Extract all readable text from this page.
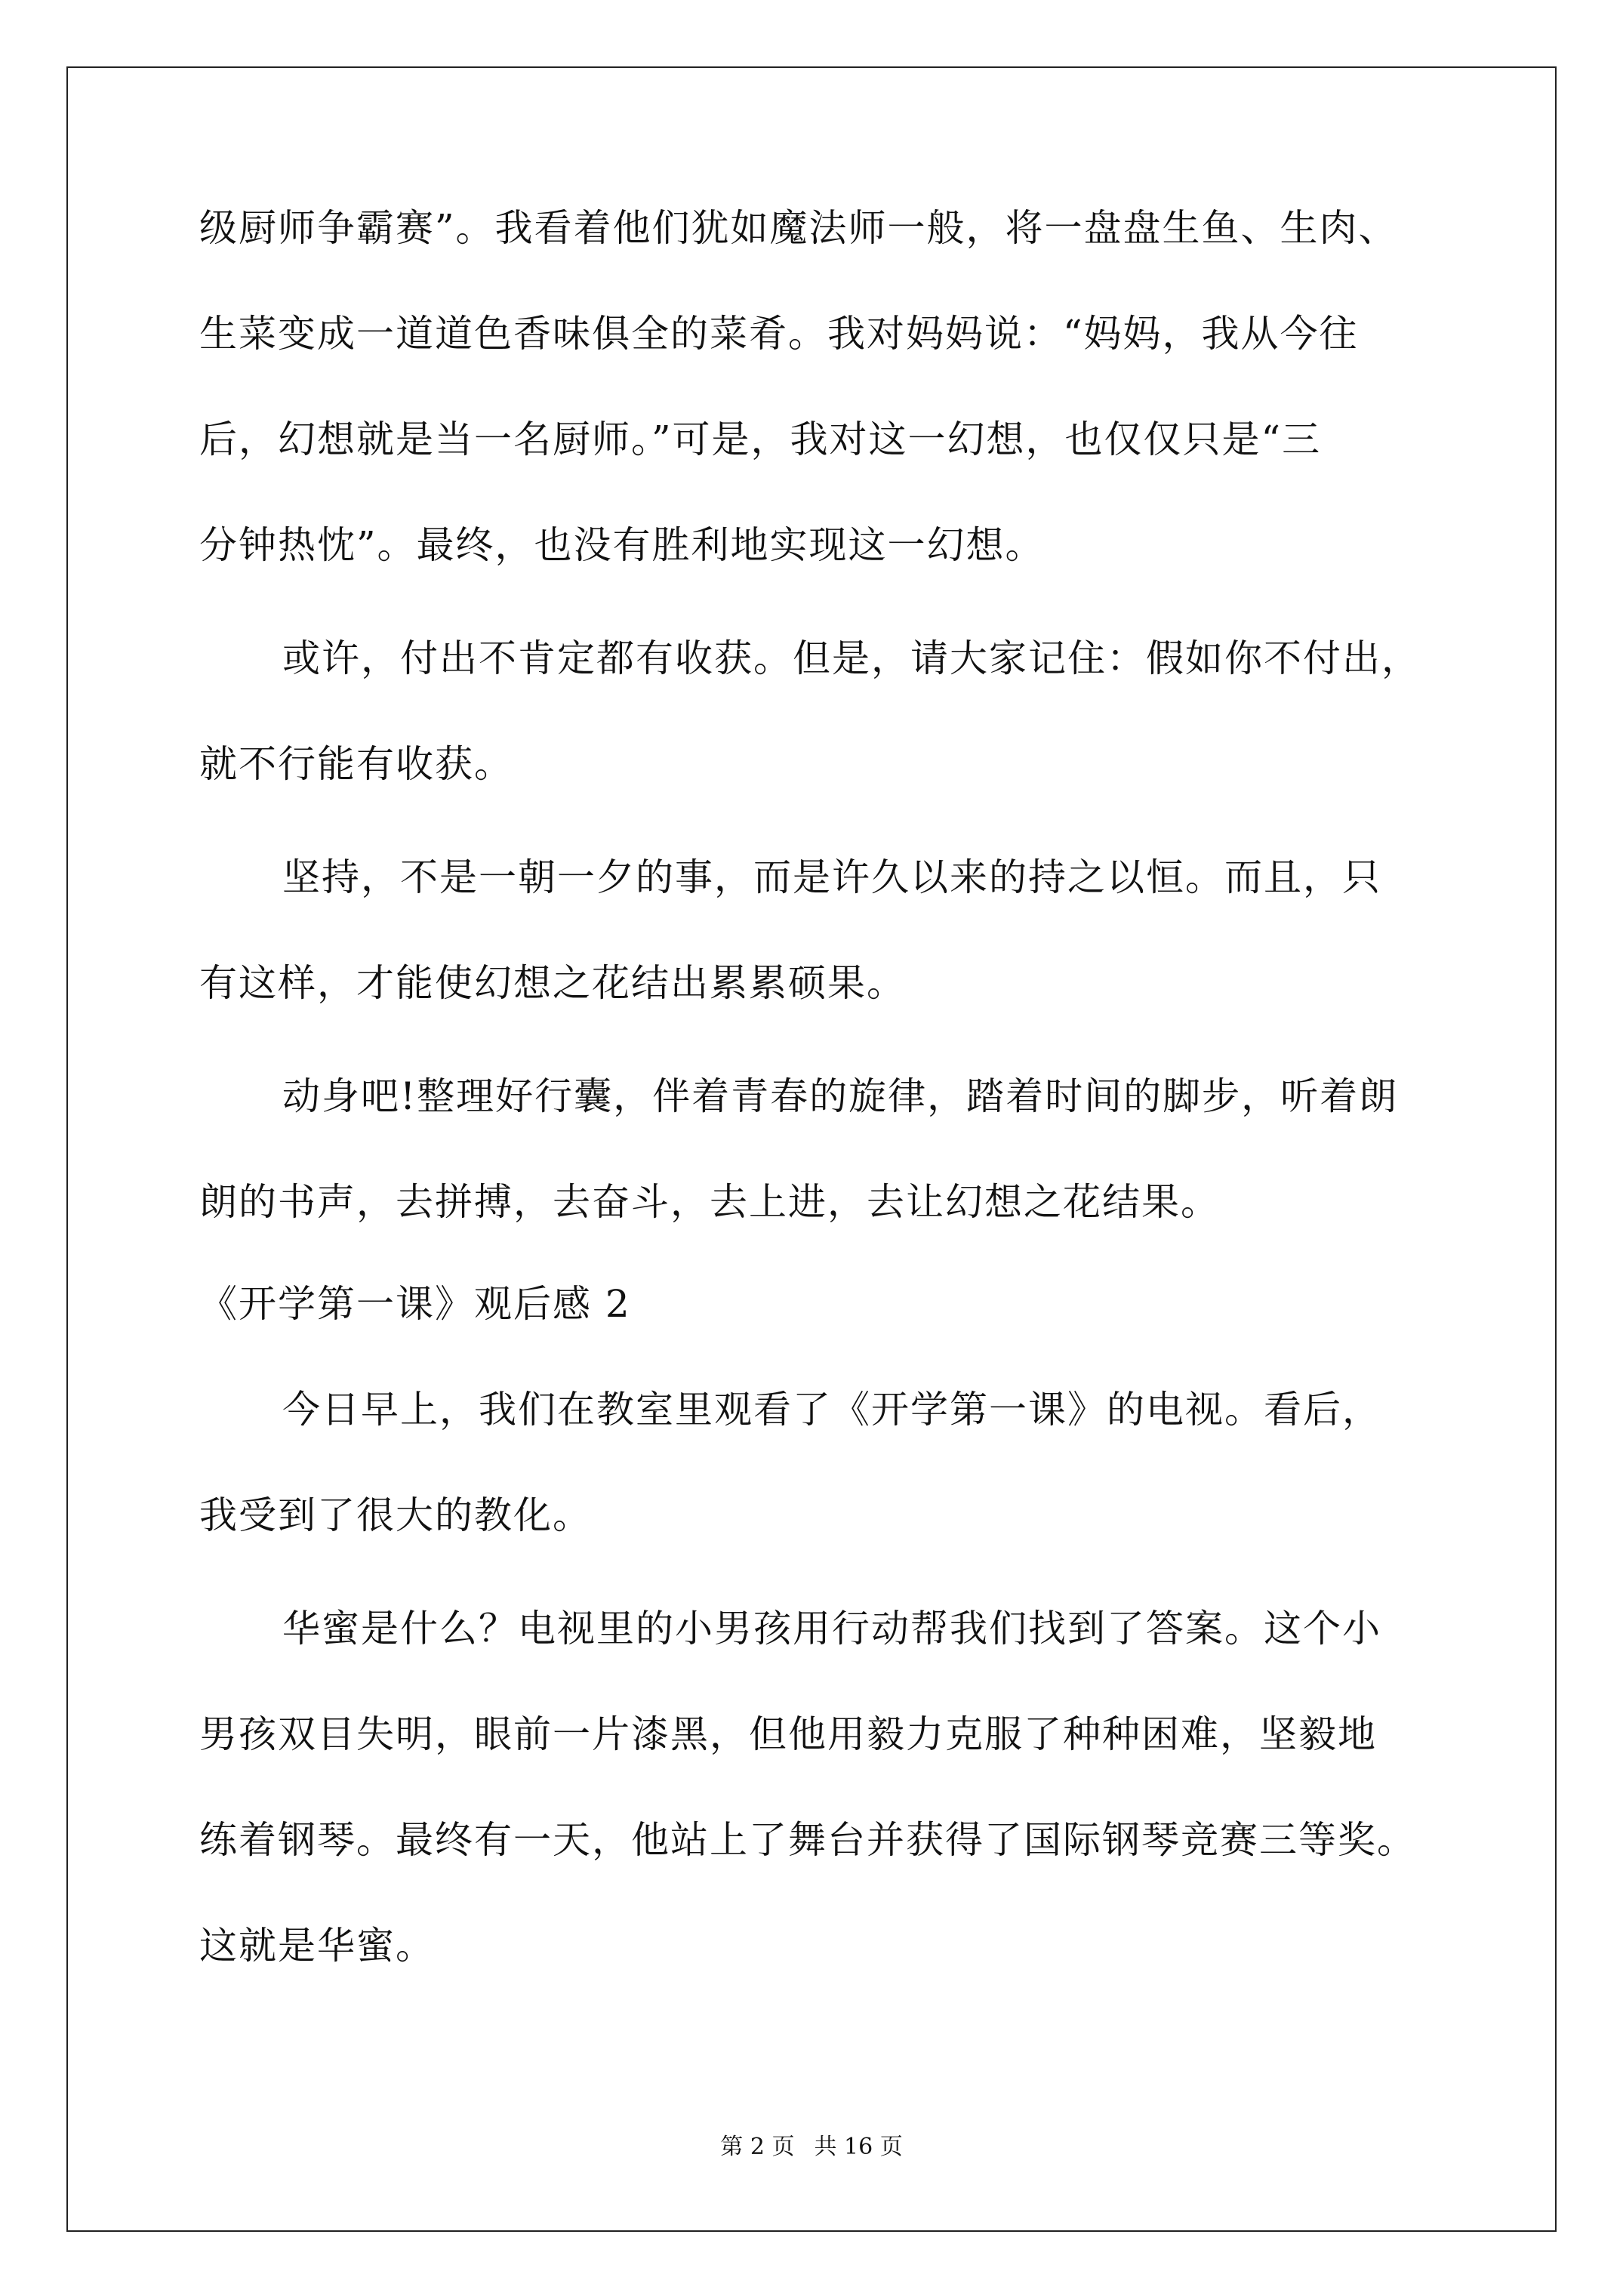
级厨师争霸赛”。我看着他们犹如魔法师一般，将一盘盘生鱼、生肉、
生菜变成一道道色香味俱全的菜肴。我对妈妈说：“妈妈，我从今往
后，幻想就是当一名厨师。”可是，我对这一幻想，也仅仅只是“三
分钟热忱”。最终，也没有胜利地实现这一幻想。
或许，付出不肯定都有收获。但是，请大家记住：假如你不付出，
就不行能有收获。
坚持，不是一朝一夕的事，而是许久以来的持之以恒。而且，只
有这样，才能使幻想之花结出累累硕果。
动身吧!整理好行囊，伴着青春的旋律，踏着时间的脚步，听着朗
朗的书声，去拼搏，去奋斗，去上进，去让幻想之花结果。
《开学第一课》观后感 2
今日早上，我们在教室里观看了《开学第一课》的电视。看后，
我受到了很大的教化。
华蜜是什么？电视里的小男孩用行动帮我们找到了答案。这个小
男孩双目失明，眼前一片漆黑，但他用毅力克服了种种困难，坚毅地
练着钢琴。最终有一天，他站上了舞台并获得了国际钢琴竞赛三等奖。
这就是华蜜。
第 2 页 共 16 页
